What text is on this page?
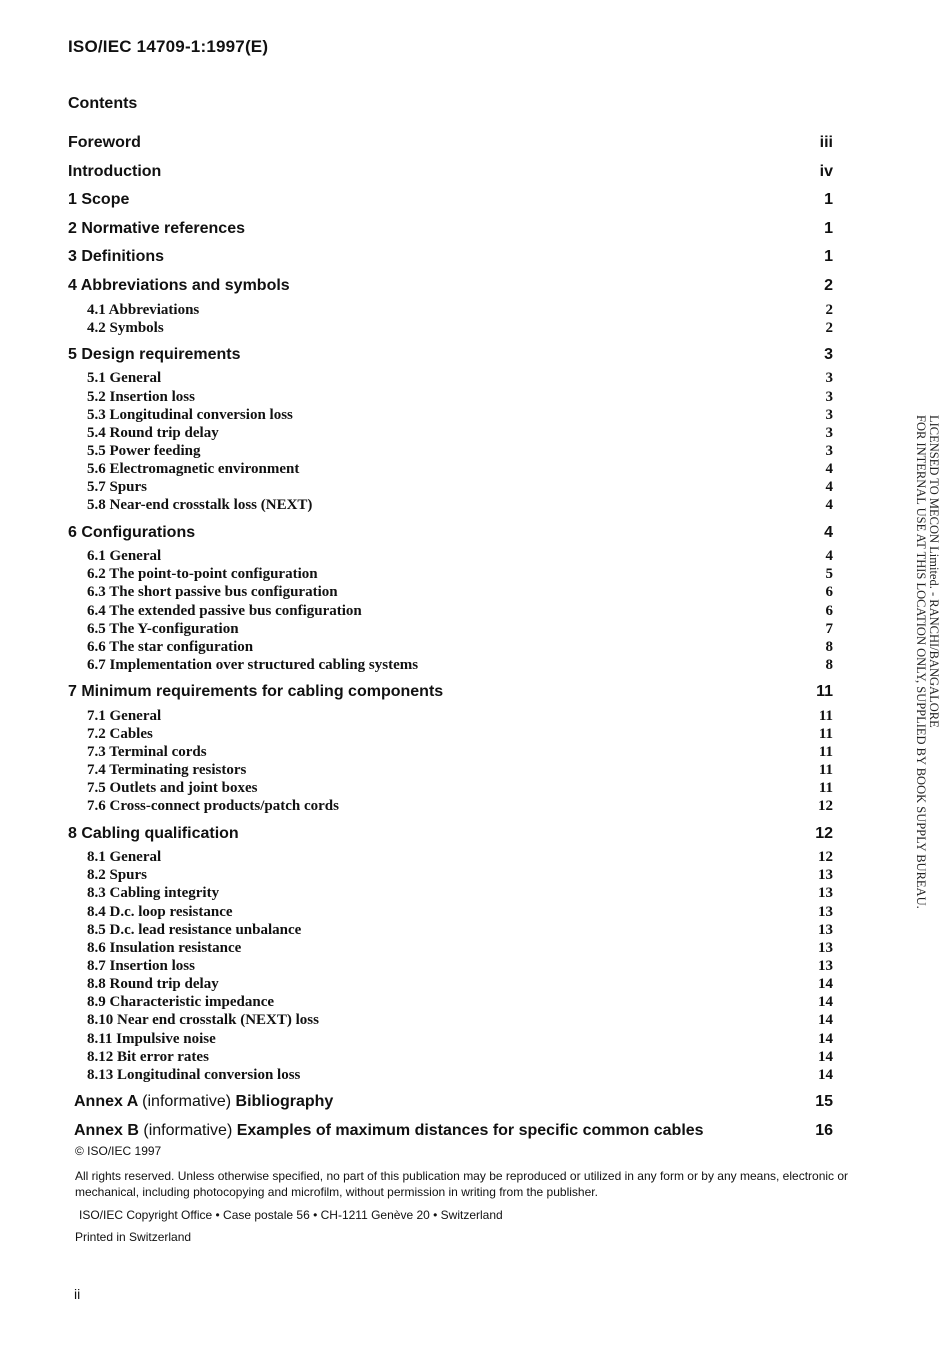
ISO/IEC 14709-1:1997(E)
Contents
Foreword	iii
Introduction	iv
1 Scope	1
2 Normative references	1
3 Definitions	1
4 Abbreviations and symbols	2
4.1 Abbreviations	2
4.2 Symbols	2
5 Design requirements	3
5.1 General	3
5.2 Insertion loss	3
5.3 Longitudinal conversion loss	3
5.4 Round trip delay	3
5.5 Power feeding	3
5.6 Electromagnetic environment	4
5.7 Spurs	4
5.8 Near-end crosstalk loss (NEXT)	4
6 Configurations	4
6.1 General	4
6.2 The point-to-point configuration	5
6.3 The short passive bus configuration	6
6.4 The extended passive bus configuration	6
6.5 The Y-configuration	7
6.6 The star configuration	8
6.7 Implementation over structured cabling systems	8
7 Minimum requirements for cabling components	11
7.1 General	11
7.2 Cables	11
7.3 Terminal cords	11
7.4 Terminating resistors	11
7.5 Outlets and joint boxes	11
7.6 Cross-connect products/patch cords	12
8 Cabling qualification	12
8.1 General	12
8.2 Spurs	13
8.3 Cabling integrity	13
8.4 D.c. loop resistance	13
8.5 D.c. lead resistance unbalance	13
8.6 Insulation resistance	13
8.7 Insertion loss	13
8.8 Round trip delay	14
8.9 Characteristic impedance	14
8.10 Near end crosstalk (NEXT) loss	14
8.11 Impulsive noise	14
8.12 Bit error rates	14
8.13 Longitudinal conversion loss	14
Annex A (informative) Bibliography	15
Annex B (informative) Examples of maximum distances for specific common cables	16
LICENSED TO MECON Limited. - RANCHI/BANGALORE
FOR INTERNAL USE AT THIS LOCATION ONLY, SUPPLIED BY BOOK SUPPLY BUREAU.
© ISO/IEC 1997
All rights reserved. Unless otherwise specified, no part of this publication may be reproduced or utilized in any form or by any means, electronic or mechanical, including photocopying and microfilm, without permission in writing from the publisher.
ISO/IEC Copyright Office • Case postale 56 • CH-1211 Genève 20 • Switzerland
Printed in Switzerland
ii
